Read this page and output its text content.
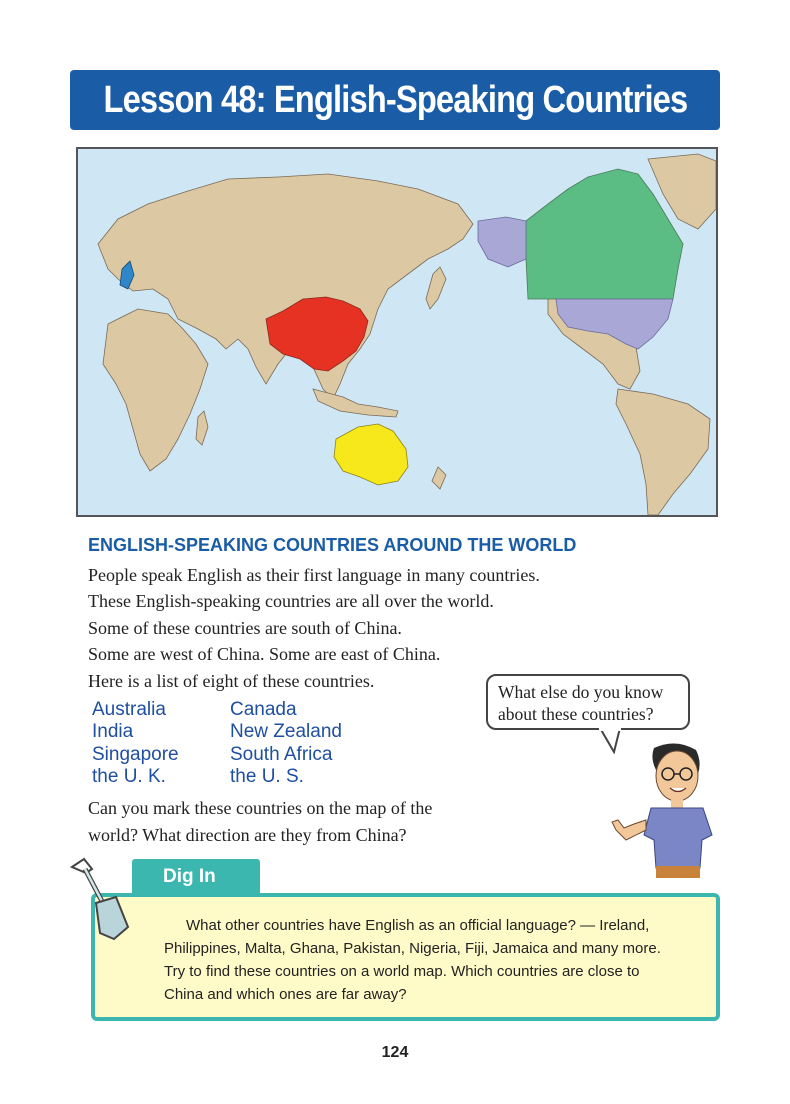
Lesson 48: English-Speaking Countries
ENGLISH-SPEAKING COUNTRIES AROUND THE WORLD
People speak English as their first language in many countries.
These English-speaking countries are all over the world.
Some of these countries are south of China.
Some are west of China. Some are east of China.
Here is a list of eight of these countries.
Australia	Canada
India	New Zealand
Singapore	South Africa
the U. K.	the U. S.
Can you mark these countries on the map of the
world? What direction are they from China?
What else do you know
about these countries?
Dig In
What other countries have English as an official language? — Ireland,
Philippines, Malta, Ghana, Pakistan, Nigeria, Fiji, Jamaica and many more.
Try to find these countries on a world map. Which countries are close to
China and which ones are far away?
124
